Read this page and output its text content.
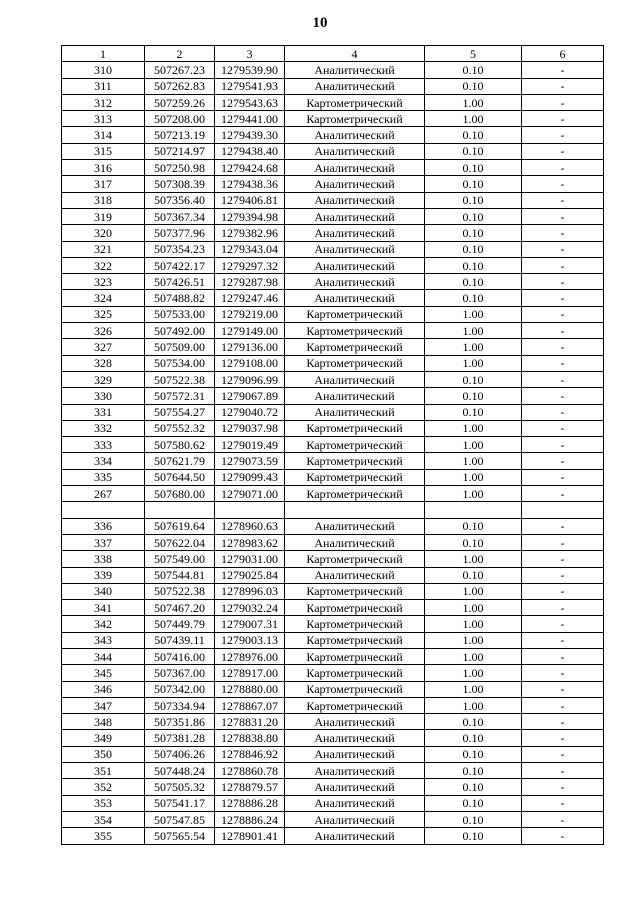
10
1	2	3	4	5	6
310	507267.23	1279539.90	Аналитический	0.10	-
311	507262.83	1279541.93	Аналитический	0.10	-
312	507259.26	1279543.63	Картометрический	1.00	-
313	507208.00	1279441.00	Картометрический	1.00	-
314	507213.19	1279439.30	Аналитический	0.10	-
315	507214.97	1279438.40	Аналитический	0.10	-
316	507250.98	1279424.68	Аналитический	0.10	-
317	507308.39	1279438.36	Аналитический	0.10	-
318	507356.40	1279406.81	Аналитический	0.10	-
319	507367.34	1279394.98	Аналитический	0.10	-
320	507377.96	1279382.96	Аналитический	0.10	-
321	507354.23	1279343.04	Аналитический	0.10	-
322	507422.17	1279297.32	Аналитический	0.10	-
323	507426.51	1279287.98	Аналитический	0.10	-
324	507488.82	1279247.46	Аналитический	0.10	-
325	507533.00	1279219.00	Картометрический	1.00	-
326	507492.00	1279149.00	Картометрический	1.00	-
327	507509.00	1279136.00	Картометрический	1.00	-
328	507534.00	1279108.00	Картометрический	1.00	-
329	507522.38	1279096.99	Аналитический	0.10	-
330	507572.31	1279067.89	Аналитический	0.10	-
331	507554.27	1279040.72	Аналитический	0.10	-
332	507552.32	1279037.98	Картометрический	1.00	-
333	507580.62	1279019.49	Картометрический	1.00	-
334	507621.79	1279073.59	Картометрический	1.00	-
335	507644.50	1279099.43	Картометрический	1.00	-
267	507680.00	1279071.00	Картометрический	1.00	-

336	507619.64	1278960.63	Аналитический	0.10	-
337	507622.04	1278983.62	Аналитический	0.10	-
338	507549.00	1279031.00	Картометрический	1.00	-
339	507544.81	1279025.84	Аналитический	0.10	-
340	507522.38	1278996.03	Картометрический	1.00	-
341	507467.20	1279032.24	Картометрический	1.00	-
342	507449.79	1279007.31	Картометрический	1.00	-
343	507439.11	1279003.13	Картометрический	1.00	-
344	507416.00	1278976.00	Картометрический	1.00	-
345	507367.00	1278917.00	Картометрический	1.00	-
346	507342.00	1278880.00	Картометрический	1.00	-
347	507334.94	1278867.07	Картометрический	1.00	-
348	507351.86	1278831.20	Аналитический	0.10	-
349	507381.28	1278838.80	Аналитический	0.10	-
350	507406.26	1278846.92	Аналитический	0.10	-
351	507448.24	1278860.78	Аналитический	0.10	-
352	507505.32	1278879.57	Аналитический	0.10	-
353	507541.17	1278886.28	Аналитический	0.10	-
354	507547.85	1278886.24	Аналитический	0.10	-
355	507565.54	1278901.41	Аналитический	0.10	-
